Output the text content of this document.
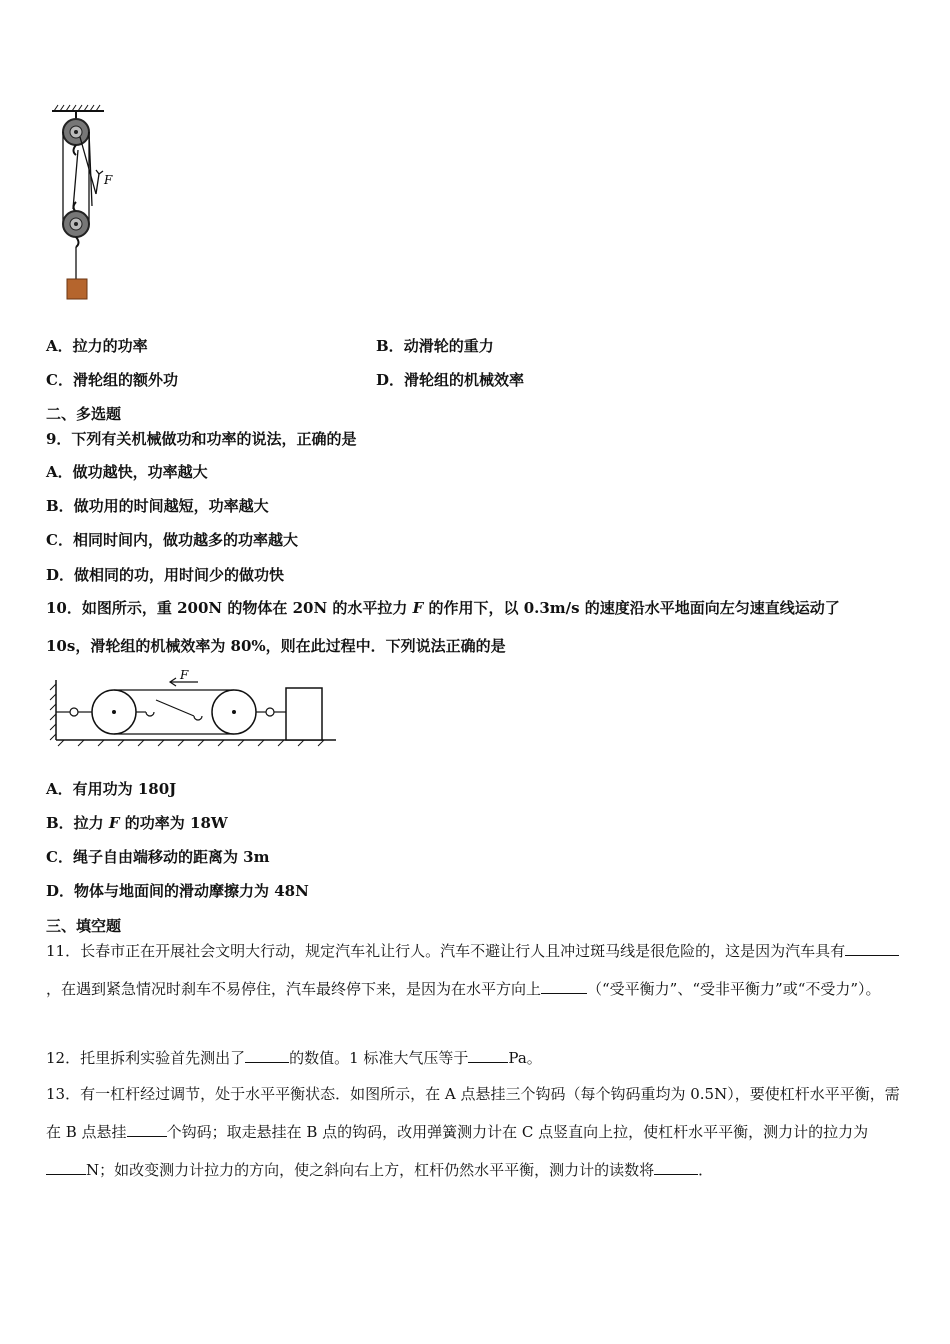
F
A．拉力的功率	B．动滑轮的重力
C．滑轮组的额外功	D．滑轮组的机械效率
二、多选题
9．下列有关机械做功和功率的说法，正确的是
A．做功越快，功率越大
B．做功用的时间越短，功率越大
C．相同时间内，做功越多的功率越大
D．做相同的功，用时间少的做功快
10．如图所示，重 200N 的物体在 20N 的水平拉力 F 的作用下，以 0.3m/s 的速度沿水平地面向左匀速直线运动了
10s，滑轮组的机械效率为 80%，则在此过程中．下列说法正确的是
F
A．有用功为 180J
B．拉力 F 的功率为 18W
C．绳子自由端移动的距离为 3m
D．物体与地面间的滑动摩擦力为 48N
三、填空题
11．长春市正在开展社会文明大行动，规定汽车礼让行人。汽车不避让行人且冲过斑马线是很危险的，这是因为汽车具有，在遇到紧急情况时刹车不易停住，汽车最终停下来，是因为在水平方向上	（“受平衡力”、“受非平衡力”或“不受力”）。
12．托里拆利实验首先测出了	的数值。1 标准大气压等于	Pa。
13．有一杠杆经过调节，处于水平平衡状态．如图所示，在 A 点悬挂三个钩码（每个钩码重均为 0.5N），要使杠杆水平平衡，需在 B 点悬挂	个钩码；取走悬挂在 B 点的钩码，改用弹簧测力计在 C 点竖直向上拉，使杠杆水平平衡，测力计的拉力为N；如改变测力计拉力的方向，使之斜向右上方，杠杆仍然水平平衡，测力计的读数将	．
